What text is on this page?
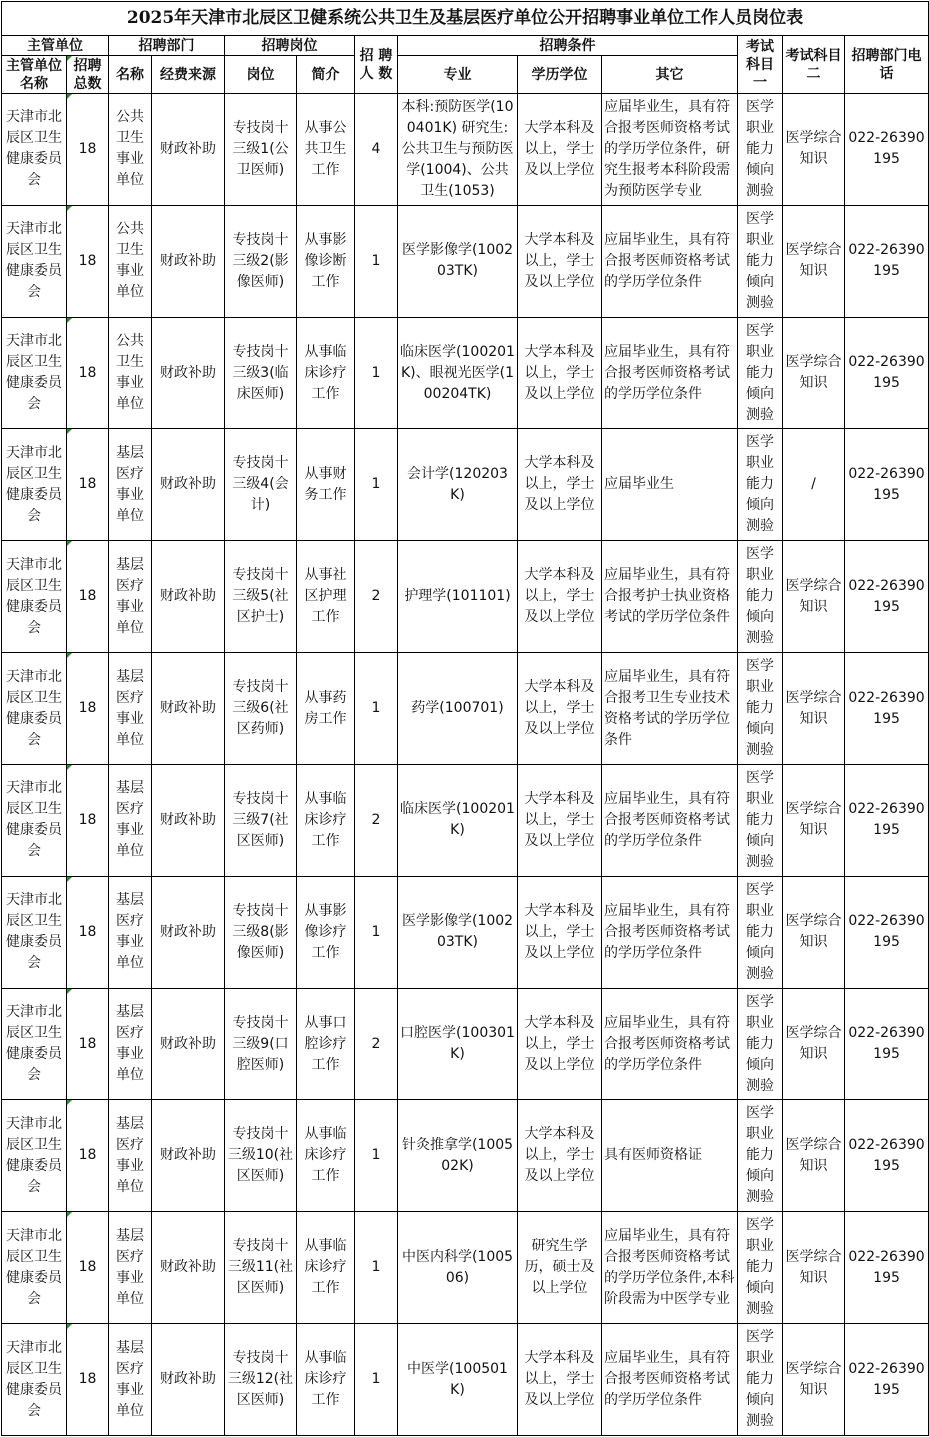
2025年天津市北辰区卫健系统公共卫生及基层医疗单位公开招聘事业单位工作人员岗位表												
主管单位		招聘部门		招聘岗位		招 聘 人 数	招聘条件			考试科目一	考试科目二	招聘部门电话
主管单位名称	招聘总数	名称	经费来源	岗位	简介		专业	学历学位	其它			
天津市北辰区卫生健康委员会	18	公共卫生事业单位	财政补助	专技岗十三级1(公卫医师)	从事公共卫生工作	4	本科:预防医学(100401K) 研究生: 公共卫生与预防医学(1004)、公共卫生(1053)	大学本科及以上，学士及以上学位	应届毕业生，具有符合报考医师资格考试的学历学位条件，研究生报考本科阶段需为预防医学专业	医学职业能力倾向测验	医学综合知识	022-26390195
天津市北辰区卫生健康委员会	18	公共卫生事业单位	财政补助	专技岗十三级2(影像医师)	从事影像诊断工作	1	医学影像学(100203TK)	大学本科及以上，学士及以上学位	应届毕业生，具有符合报考医师资格考试的学历学位条件	医学职业能力倾向测验	医学综合知识	022-26390195
天津市北辰区卫生健康委员会	18	公共卫生事业单位	财政补助	专技岗十三级3(临床医师)	从事临床诊疗工作	1	临床医学(100201K)、眼视光医学(100204TK)	大学本科及以上，学士及以上学位	应届毕业生，具有符合报考医师资格考试的学历学位条件	医学职业能力倾向测验	医学综合知识	022-26390195
天津市北辰区卫生健康委员会	18	基层医疗事业单位	财政补助	专技岗十三级4(会计)	从事财务工作	1	会计学(120203K)	大学本科及以上，学士及以上学位	应届毕业生	医学职业能力倾向测验	/	022-26390195
天津市北辰区卫生健康委员会	18	基层医疗事业单位	财政补助	专技岗十三级5(社区护士)	从事社区护理工作	2	护理学(101101)	大学本科及以上，学士及以上学位	应届毕业生，具有符合报考护士执业资格考试的学历学位条件	医学职业能力倾向测验	医学综合知识	022-26390195
天津市北辰区卫生健康委员会	18	基层医疗事业单位	财政补助	专技岗十三级6(社区药师)	从事药房工作	1	药学(100701)	大学本科及以上，学士及以上学位	应届毕业生，具有符合报考卫生专业技术资格考试的学历学位条件	医学职业能力倾向测验	医学综合知识	022-26390195
天津市北辰区卫生健康委员会	18	基层医疗事业单位	财政补助	专技岗十三级7(社区医师)	从事临床诊疗工作	2	临床医学(100201K)	大学本科及以上，学士及以上学位	应届毕业生，具有符合报考医师资格考试的学历学位条件	医学职业能力倾向测验	医学综合知识	022-26390195
天津市北辰区卫生健康委员会	18	基层医疗事业单位	财政补助	专技岗十三级8(影像医师)	从事影像诊疗工作	1	医学影像学(100203TK)	大学本科及以上，学士及以上学位	应届毕业生，具有符合报考医师资格考试的学历学位条件	医学职业能力倾向测验	医学综合知识	022-26390195
天津市北辰区卫生健康委员会	18	基层医疗事业单位	财政补助	专技岗十三级9(口腔医师)	从事口腔诊疗工作	2	口腔医学(100301K)	大学本科及以上，学士及以上学位	应届毕业生，具有符合报考医师资格考试的学历学位条件	医学职业能力倾向测验	医学综合知识	022-26390195
天津市北辰区卫生健康委员会	18	基层医疗事业单位	财政补助	专技岗十三级10(社区医师)	从事临床诊疗工作	1	针灸推拿学(100502K)	大学本科及以上，学士及以上学位	具有医师资格证	医学职业能力倾向测验	医学综合知识	022-26390195
天津市北辰区卫生健康委员会	18	基层医疗事业单位	财政补助	专技岗十三级11(社区医师)	从事临床诊疗工作	1	中医内科学(100506)	研究生学历，硕士及以上学位	应届毕业生，具有符合报考医师资格考试的学历学位条件,本科阶段需为中医学专业	医学职业能力倾向测验	医学综合知识	022-26390195
天津市北辰区卫生健康委员会	18	基层医疗事业单位	财政补助	专技岗十三级12(社区医师)	从事临床诊疗工作	1	中医学(100501K)	大学本科及以上，学士及以上学位	应届毕业生，具有符合报考医师资格考试的学历学位条件	医学职业能力倾向测验	医学综合知识	022-26390195
